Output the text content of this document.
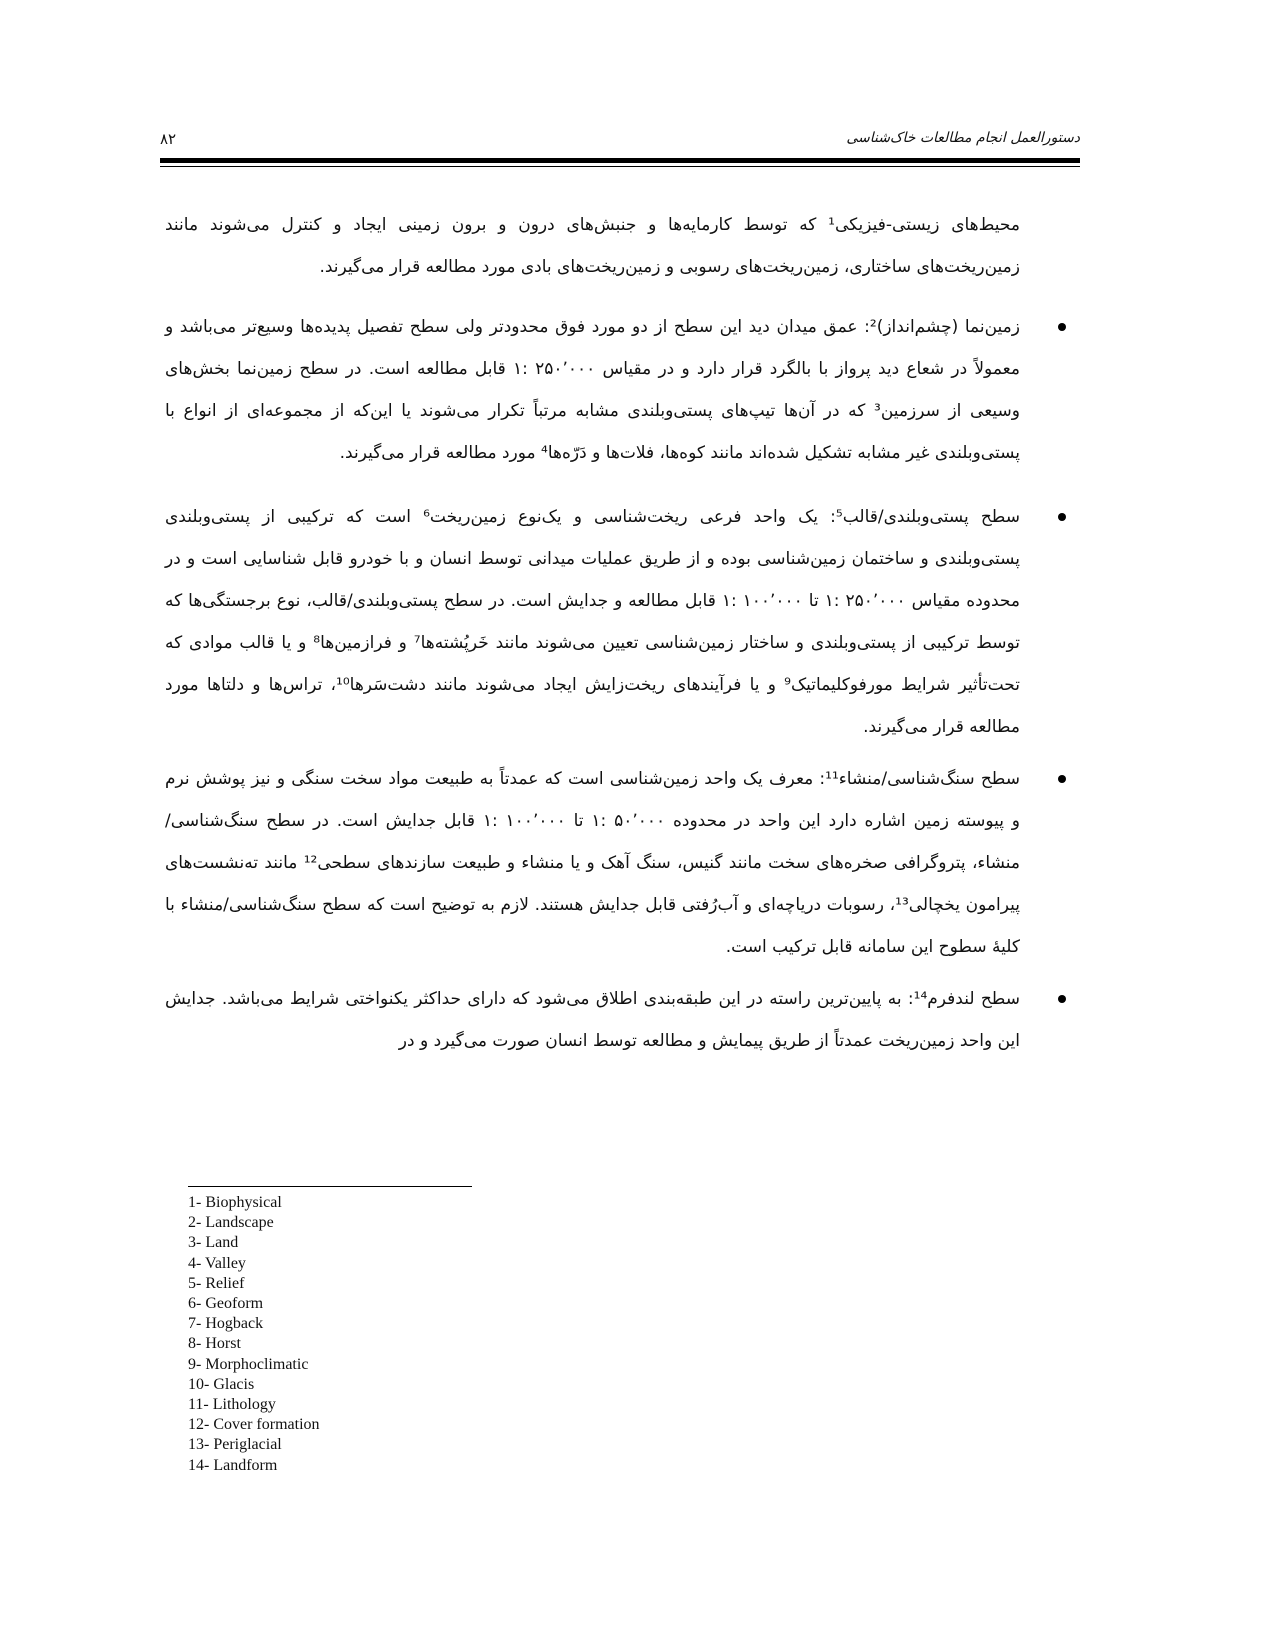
۸۲	دستورالعمل انجام مطالعات خاک‌شناسی

محیط‌های زیستی-فیزیکی¹ که توسط کارمایه‌ها و جنبش‌های درون و برون زمینی ایجاد و کنترل می‌شوند مانند زمین‌ریخت‌های ساختاری، زمین‌ریخت‌های رسوبی و زمین‌ریخت‌های بادی مورد مطالعه قرار می‌گیرند.

زمین‌نما (چشم‌انداز)²: عمق میدان دید این سطح از دو مورد فوق محدودتر ولی سطح تفصیل پدیده‌ها وسیع‌تر می‌باشد و معمولاً در شعاع دید پرواز با بالگرد قرار دارد و در مقیاس ۲۵۰٬۰۰۰ :۱ قابل مطالعه است. در سطح زمین‌نما بخش‌های وسیعی از سرزمین³ که در آن‌ها تیپ‌های پستی‌وبلندی مشابه مرتباً تکرار می‌شوند یا این‌که از مجموعه‌ای از انواع با پستی‌وبلندی غیر مشابه تشکیل شده‌اند مانند کوه‌ها، فلات‌ها و دَرّه‌ها⁴ مورد مطالعه قرار می‌گیرند.
سطح پستی‌وبلندی/قالب⁵: یک واحد فرعی ریخت‌شناسی و یک‌نوع زمین‌ریخت⁶ است که ترکیبی از پستی‌وبلندی پستی‌وبلندی و ساختمان زمین‌شناسی بوده و از طریق عملیات میدانی توسط انسان و با خودرو قابل شناسایی است و در محدوده مقیاس ۲۵۰٬۰۰۰ :۱ تا ۱۰۰٬۰۰۰ :۱ قابل مطالعه و جدایش است. در سطح پستی‌وبلندی/قالب، نوع برجستگی‌ها که توسط ترکیبی از پستی‌وبلندی و ساختار زمین‌شناسی تعیین می‌شوند مانند خَرپُشته‌ها⁷ و فرازمین‌ها⁸ و یا قالب موادی که تحت‌تأثیر شرایط مورفوکلیماتیک⁹ و یا فرآیندهای ریخت‌زایش ایجاد می‌شوند مانند دشت‌سَرها¹⁰، تراس‌ها و دلتاها مورد مطالعه قرار می‌گیرند.
سطح سنگ‌شناسی/منشاء¹¹: معرف یک واحد زمین‌شناسی است که عمدتاً به طبیعت مواد سخت سنگی و نیز پوشش نرم و پیوسته زمین اشاره دارد این واحد در محدوده ۵۰٬۰۰۰ :۱ تا ۱۰۰٬۰۰۰ :۱ قابل جدایش است. در سطح سنگ‌شناسی/منشاء، پتروگرافی صخره‌های سخت مانند گنیس، سنگ آهک و یا منشاء و طبیعت سازندهای سطحی¹² مانند ته‌نشست‌های پیرامون یخچالی¹³، رسوبات دریاچه‌ای و آب‌رُفتی قابل جدایش هستند. لازم به توضیح است که سطح سنگ‌شناسی/منشاء با کلیهٔ سطوح این سامانه قابل ترکیب است.
سطح لندفرم¹⁴: به پایین‌ترین راسته در این طبقه‌بندی اطلاق می‌شود که دارای حداکثر یکنواختی شرایط می‌باشد. جدایش این واحد زمین‌ریخت عمدتاً از طریق پیمایش و مطالعه توسط انسان صورت می‌گیرد و در
1- Biophysical
2- Landscape
3- Land
4- Valley
5- Relief
6- Geoform
7- Hogback
8- Horst
9- Morphoclimatic
10- Glacis
11- Lithology
12- Cover formation
13- Periglacial
14- Landform
